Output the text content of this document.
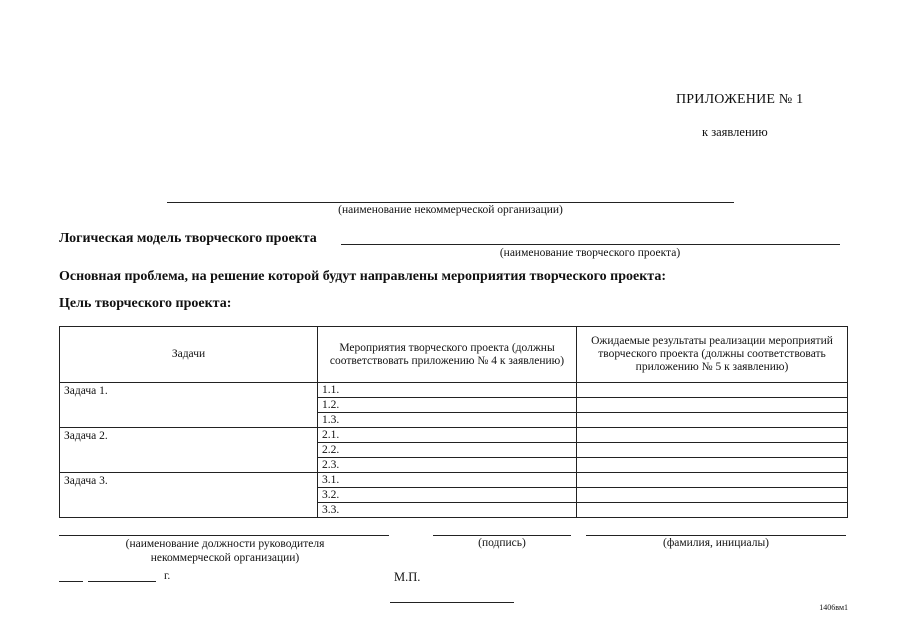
ПРИЛОЖЕНИЕ № 1
к заявлению
(наименование некоммерческой организации)
Логическая модель творческого проекта
(наименование творческого проекта)
Основная проблема, на решение которой будут направлены мероприятия творческого проекта:
Цель творческого проекта:
Задачи	Мероприятия творческого проекта (должны соответствовать приложению № 4 к заявлению)	Ожидаемые результаты реализации мероприятий творческого проекта (должны соответствовать приложению № 5 к заявлению)
Задача 1.	1.1.	
	1.2.	
	1.3.	
Задача 2.	2.1.	
	2.2.	
	2.3.	
Задача 3.	3.1.	
	3.2.	
	3.3.	
(наименование должности руководителя некоммерческой организации)
(подпись)	(фамилия, инициалы)
г.	М.П.
1406вм1
